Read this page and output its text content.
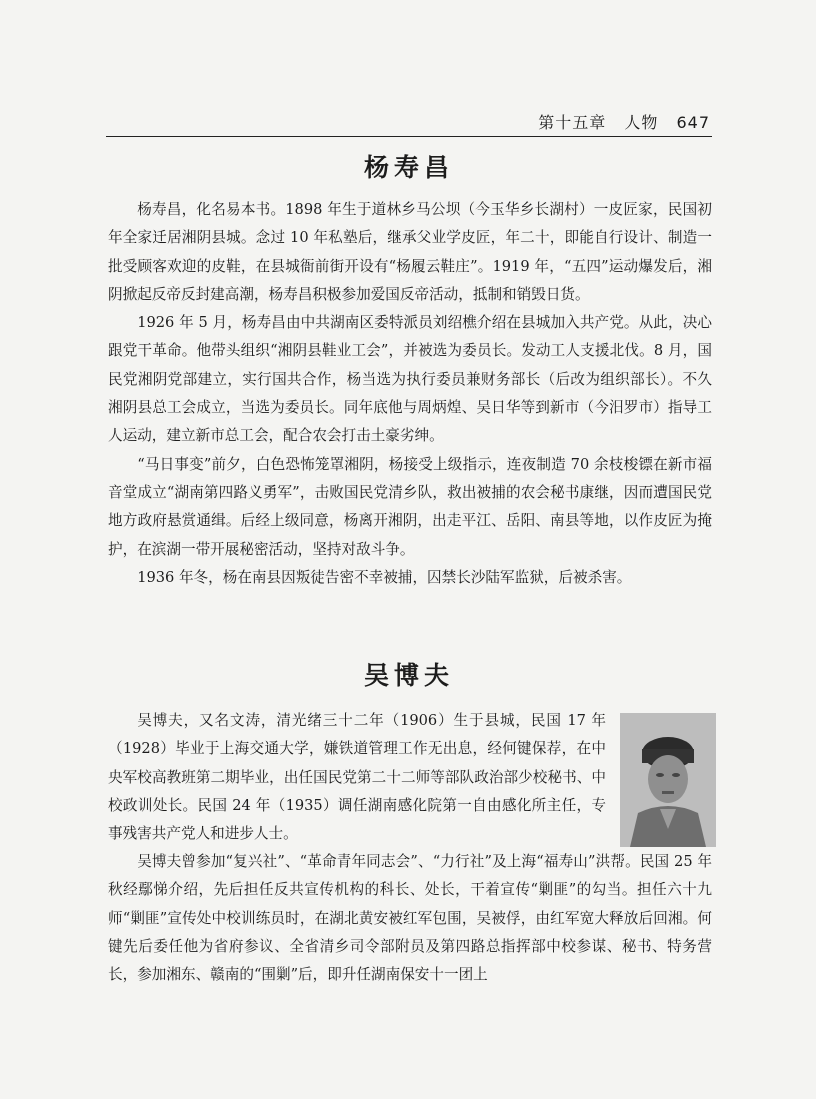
第十五章 人物 647
杨寿昌

杨寿昌，化名易本书。1898 年生于道林乡马公坝（今玉华乡长湖村）一皮匠家，民国初年全家迁居湘阴县城。念过 10 年私塾后，继承父业学皮匠，年二十，即能自行设计、制造一批受顾客欢迎的皮鞋，在县城衙前街开设有“杨履云鞋庄”。1919 年，“五四”运动爆发后，湘阴掀起反帝反封建高潮，杨寿昌积极参加爱国反帝活动，抵制和销毁日货。

1926 年 5 月，杨寿昌由中共湖南区委特派员刘绍樵介绍在县城加入共产党。从此，决心跟党干革命。他带头组织“湘阴县鞋业工会”，并被选为委员长。发动工人支援北伐。8 月，国民党湘阴党部建立，实行国共合作，杨当选为执行委员兼财务部长（后改为组织部长）。不久湘阴县总工会成立，当选为委员长。同年底他与周炳煌、吴日华等到新市（今汨罗市）指导工人运动，建立新市总工会，配合农会打击土豪劣绅。

“马日事变”前夕，白色恐怖笼罩湘阴，杨接受上级指示，连夜制造 70 余枝梭镖在新市福音堂成立“湖南第四路义勇军”，击败国民党清乡队，救出被捕的农会秘书康继，因而遭国民党地方政府悬赏通缉。后经上级同意，杨离开湘阴，出走平江、岳阳、南县等地，以作皮匠为掩护，在滨湖一带开展秘密活动，坚持对敌斗争。

1936 年冬，杨在南县因叛徒告密不幸被捕，囚禁长沙陆军监狱，后被杀害。

吴博夫

吴博夫，又名文涛，清光绪三十二年（1906）生于县城，民国 17 年（1928）毕业于上海交通大学，嫌铁道管理工作无出息，经何键保荐，在中央军校高教班第二期毕业，出任国民党第二十二师等部队政治部少校秘书、中校政训处长。民国 24 年（1935）调任湖南感化院第一自由感化所主任，专事残害共产党人和进步人士。

吴博夫曾参加“复兴社”、“革命青年同志会”、“力行社”及上海“福寿山”洪帮。民国 25 年秋经鄢悌介绍，先后担任反共宣传机构的科长、处长，干着宣传“剿匪”的勾当。担任六十九师“剿匪”宣传处中校训练员时，在湖北黄安被红军包围，吴被俘，由红军宽大释放后回湘。何键先后委任他为省府参议、全省清乡司令部附员及第四路总指挥部中校参谋、秘书、特务营长，参加湘东、赣南的“围剿”后，即升任湖南保安十一团上
